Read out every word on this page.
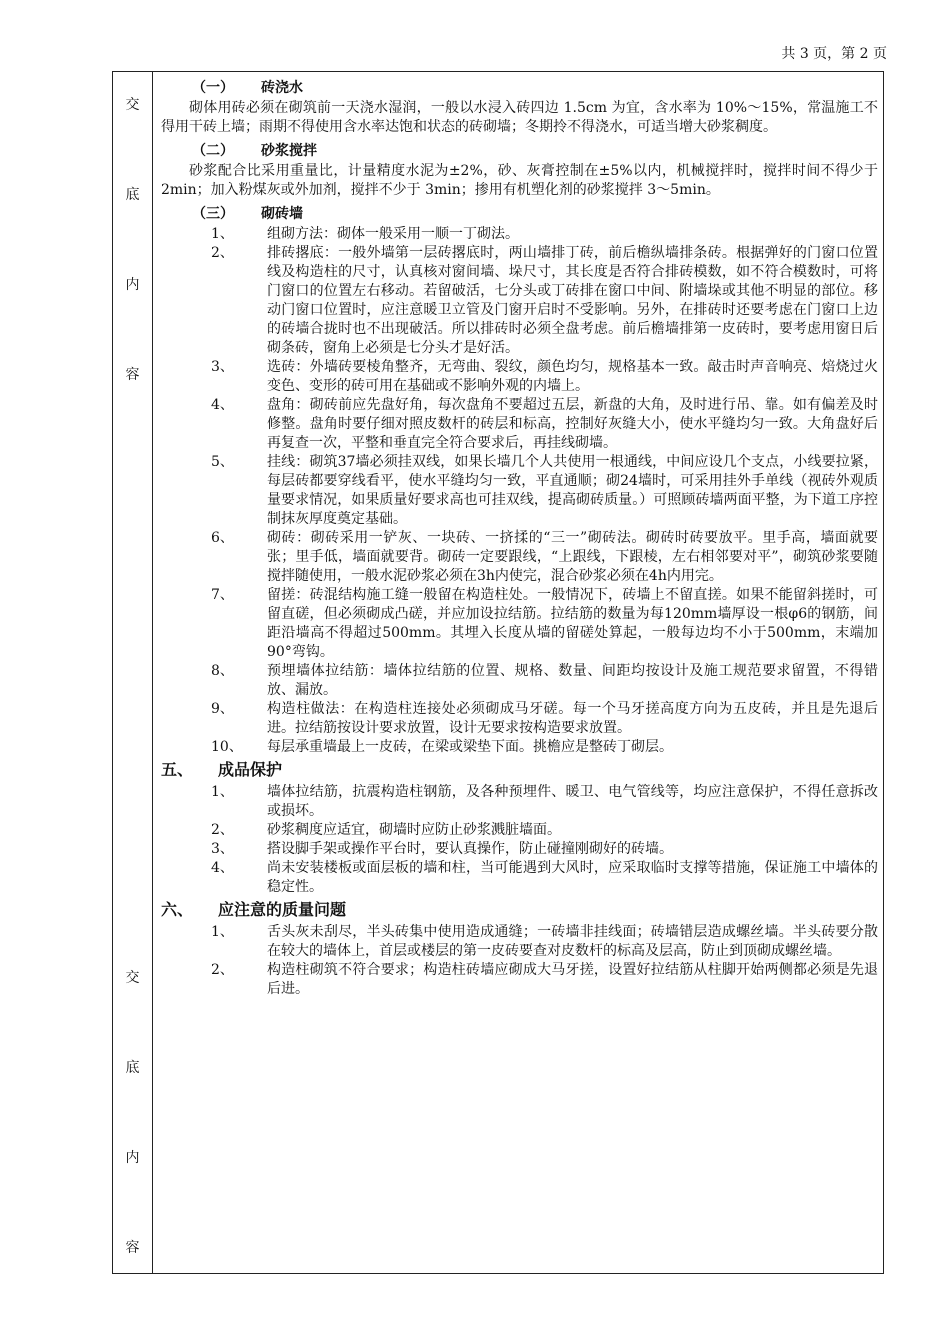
共 3 页，第 2 页
交
底
内
容
交
底
内
容
（一） 砖浇水
砌体用砖必须在砌筑前一天浇水湿润，一般以水浸入砖四边 1.5cm 为宜，含水率为 10%～15%，常温施工不得用干砖上墙；雨期不得使用含水率达饱和状态的砖砌墙；冬期拎不得浇水，可适当增大砂浆稠度。
（二） 砂浆搅拌
砂浆配合比采用重量比，计量精度水泥为±2%，砂、灰膏控制在±5%以内，机械搅拌时，搅拌时间不得少于 2min；加入粉煤灰或外加剂，搅拌不少于 3min；掺用有机塑化剂的砂浆搅拌 3～5min。
（三） 砌砖墙
1、 组砌方法：砌体一般采用一顺一丁砌法。
2、 排砖撂底：一般外墙第一层砖撂底时，两山墙排丁砖，前后檐纵墙排条砖。根据弹好的门窗口位置线及构造柱的尺寸，认真核对窗间墙、垛尺寸，其长度是否符合排砖模数，如不符合模数时，可将门窗口的位置左右移动。若留破活，七分头或丁砖排在窗口中间、附墙垛或其他不明显的部位。移动门窗口位置时，应注意暖卫立管及门窗开启时不受影响。另外，在排砖时还要考虑在门窗口上边的砖墙合拢时也不出现破活。所以排砖时必须全盘考虑。前后檐墙排第一皮砖时，要考虑用窗日后砌条砖，窗角上必须是七分头才是好活。
3、 选砖：外墙砖要棱角整齐，无弯曲、裂纹，颜色均匀，规格基本一致。敲击时声音响亮、焙烧过火变色、变形的砖可用在基础或不影响外观的内墙上。
4、 盘角：砌砖前应先盘好角，每次盘角不要超过五层，新盘的大角，及时进行吊、靠。如有偏差及时修整。盘角时要仔细对照皮数杆的砖层和标高，控制好灰缝大小，使水平缝均匀一致。大角盘好后再复查一次，平整和垂直完全符合要求后，再挂线砌墙。
5、 挂线：砌筑37墙必须挂双线，如果长墙几个人共使用一根通线，中间应设几个支点，小线要拉紧，每层砖都要穿线看平，使水平缝均匀一致，平直通顺；砌24墙时，可采用挂外手单线（视砖外观质量要求情况，如果质量好要求高也可挂双线，提高砌砖质量。）可照顾砖墙两面平整，为下道工序控制抹灰厚度奠定基础。
6、 砌砖：砌砖采用一铲灰、一块砖、一挤揉的“三一”砌砖法。砌砖时砖要放平。里手高，墙面就要张；里手低，墙面就要背。砌砖一定要跟线，“上跟线，下跟棱，左右相邻要对平”，砌筑砂浆要随搅拌随使用，一般水泥砂浆必须在3h内使完，混合砂浆必须在4h内用完。
7、 留搓：砖混结构施工缝一般留在构造柱处。一般情况下，砖墙上不留直搓。如果不能留斜搓时，可留直磋，但必须砌成凸磋，并应加设拉结筋。拉结筋的数量为每120mm墙厚设一根φ6的钢筋，间距沿墙高不得超过500mm。其埋入长度从墙的留磋处算起，一般每边均不小于500mm，末端加90°弯钩。
8、 预埋墙体拉结筋：墙体拉结筋的位置、规格、数量、间距均按设计及施工规范要求留置，不得错放、漏放。
9、 构造柱做法：在构造柱连接处必须砌成马牙磋。每一个马牙搓高度方向为五皮砖，并且是先退后进。拉结筋按设计要求放置，设计无要求按构造要求放置。
10、 每层承重墙最上一皮砖，在梁或梁垫下面。挑檐应是整砖丁砌层。
五、 成品保护
1、 墙体拉结筋，抗震构造柱钢筋，及各种预埋件、暖卫、电气管线等，均应注意保护，不得任意拆改或损坏。
2、 砂浆稠度应适宜，砌墙时应防止砂浆溅脏墙面。
3、 搭设脚手架或操作平台时，要认真操作，防止碰撞刚砌好的砖墙。
4、 尚未安装楼板或面层板的墙和柱，当可能遇到大风时，应采取临时支撑等措施，保证施工中墙体的稳定性。
六、 应注意的质量问题
1、 舌头灰未刮尽，半头砖集中使用造成通缝；一砖墙非挂线面；砖墙错层造成螺丝墙。半头砖要分散在较大的墙体上，首层或楼层的第一皮砖要查对皮数杆的标高及层高，防止到顶砌成螺丝墙。
2、 构造柱砌筑不符合要求；构造柱砖墙应砌成大马牙搓，设置好拉结筋从柱脚开始两侧都必须是先退后进。
